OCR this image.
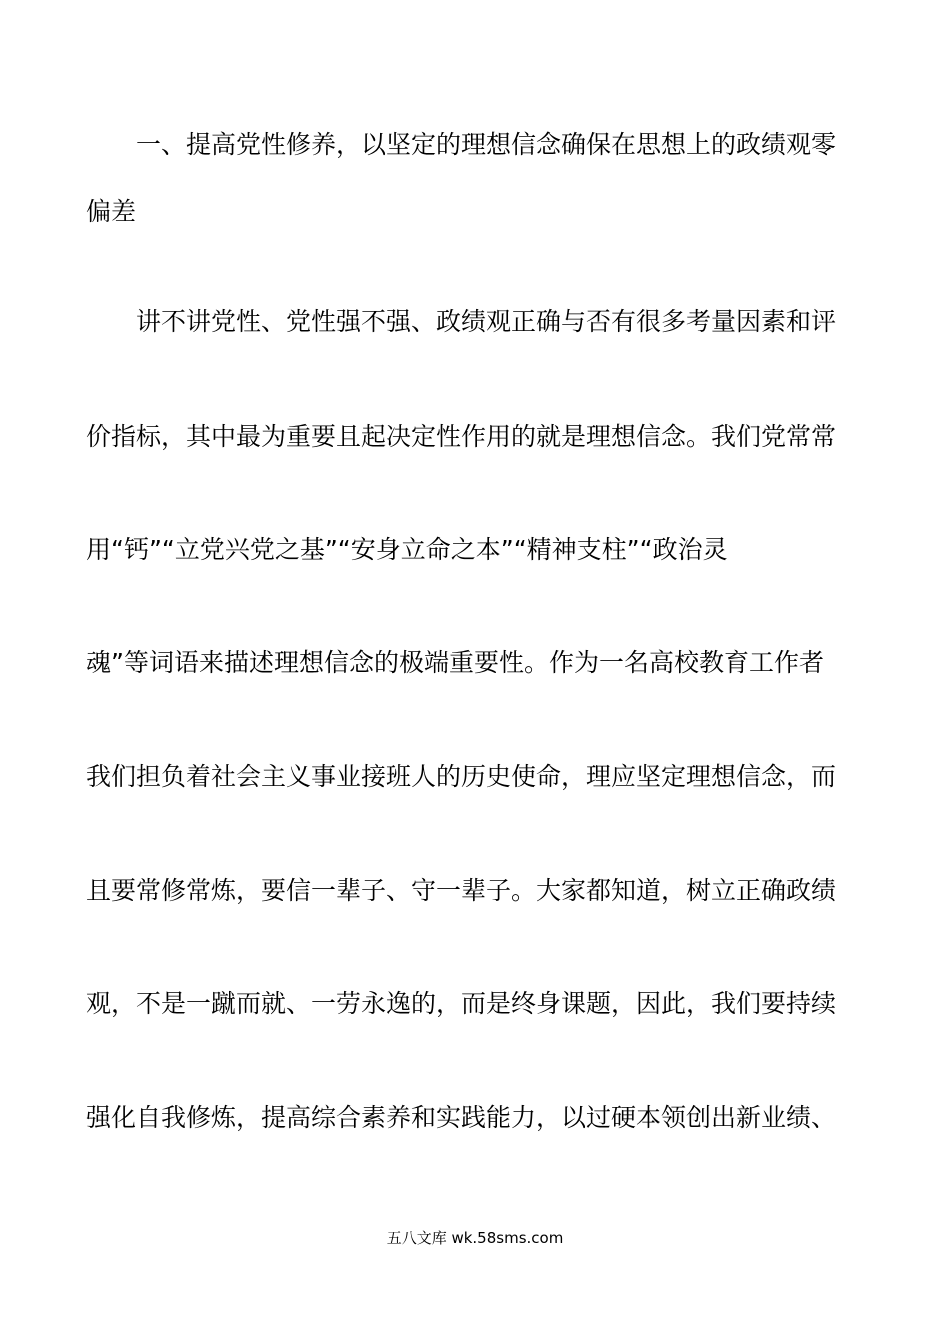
　　一、提高党性修养，以坚定的理想信念确保在思想上的政绩观零
偏差
　　讲不讲党性、党性强不强、政绩观正确与否有很多考量因素和评
价指标，其中最为重要且起决定性作用的就是理想信念。我们党常常
用“钙”“立党兴党之基”“安身立命之本”“精神支柱”“政治灵
魂”等词语来描述理想信念的极端重要性。作为一名高校教育工作者
我们担负着社会主义事业接班人的历史使命，理应坚定理想信念，而
且要常修常炼，要信一辈子、守一辈子。大家都知道，树立正确政绩
观，不是一蹴而就、一劳永逸的，而是终身课题，因此，我们要持续
强化自我修炼，提高综合素养和实践能力，以过硬本领创出新业绩、
五八文库 wk.58sms.com
